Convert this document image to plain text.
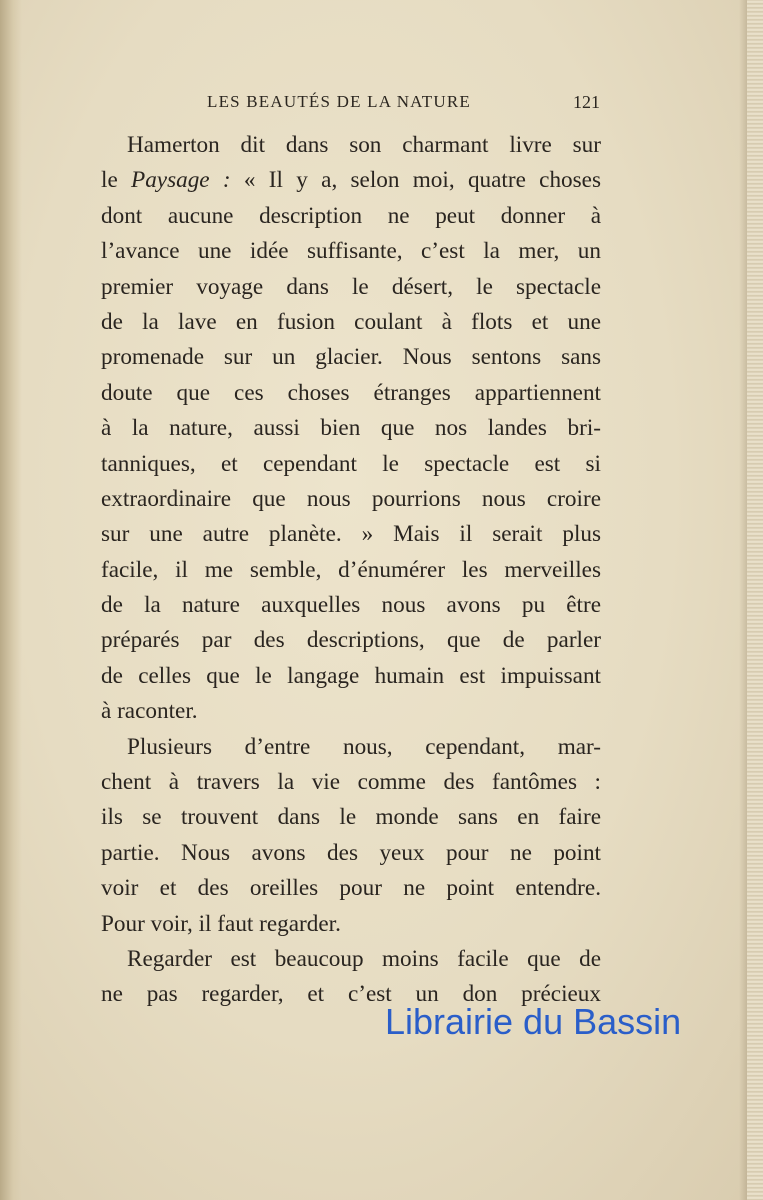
LES BEAUTÉS DE LA NATURE	121
Hamerton dit dans son charmant livre sur
le Paysage : « Il y a, selon moi, quatre choses
dont aucune description ne peut donner à
l’avance une idée suffisante, c’est la mer, un
premier voyage dans le désert, le spectacle
de la lave en fusion coulant à flots et une
promenade sur un glacier. Nous sentons sans
doute que ces choses étranges appartiennent
à la nature, aussi bien que nos landes bri-
tanniques, et cependant le spectacle est si
extraordinaire que nous pourrions nous croire
sur une autre planète. » Mais il serait plus
facile, il me semble, d’énumérer les merveilles
de la nature auxquelles nous avons pu être
préparés par des descriptions, que de parler
de celles que le langage humain est impuissant
à raconter.
Plusieurs d’entre nous, cependant, mar-
chent à travers la vie comme des fantômes :
ils se trouvent dans le monde sans en faire
partie. Nous avons des yeux pour ne point
voir et des oreilles pour ne point entendre.
Pour voir, il faut regarder.
Regarder est beaucoup moins facile que de
ne pas regarder, et c’est un don précieux
Librairie du Bassin
